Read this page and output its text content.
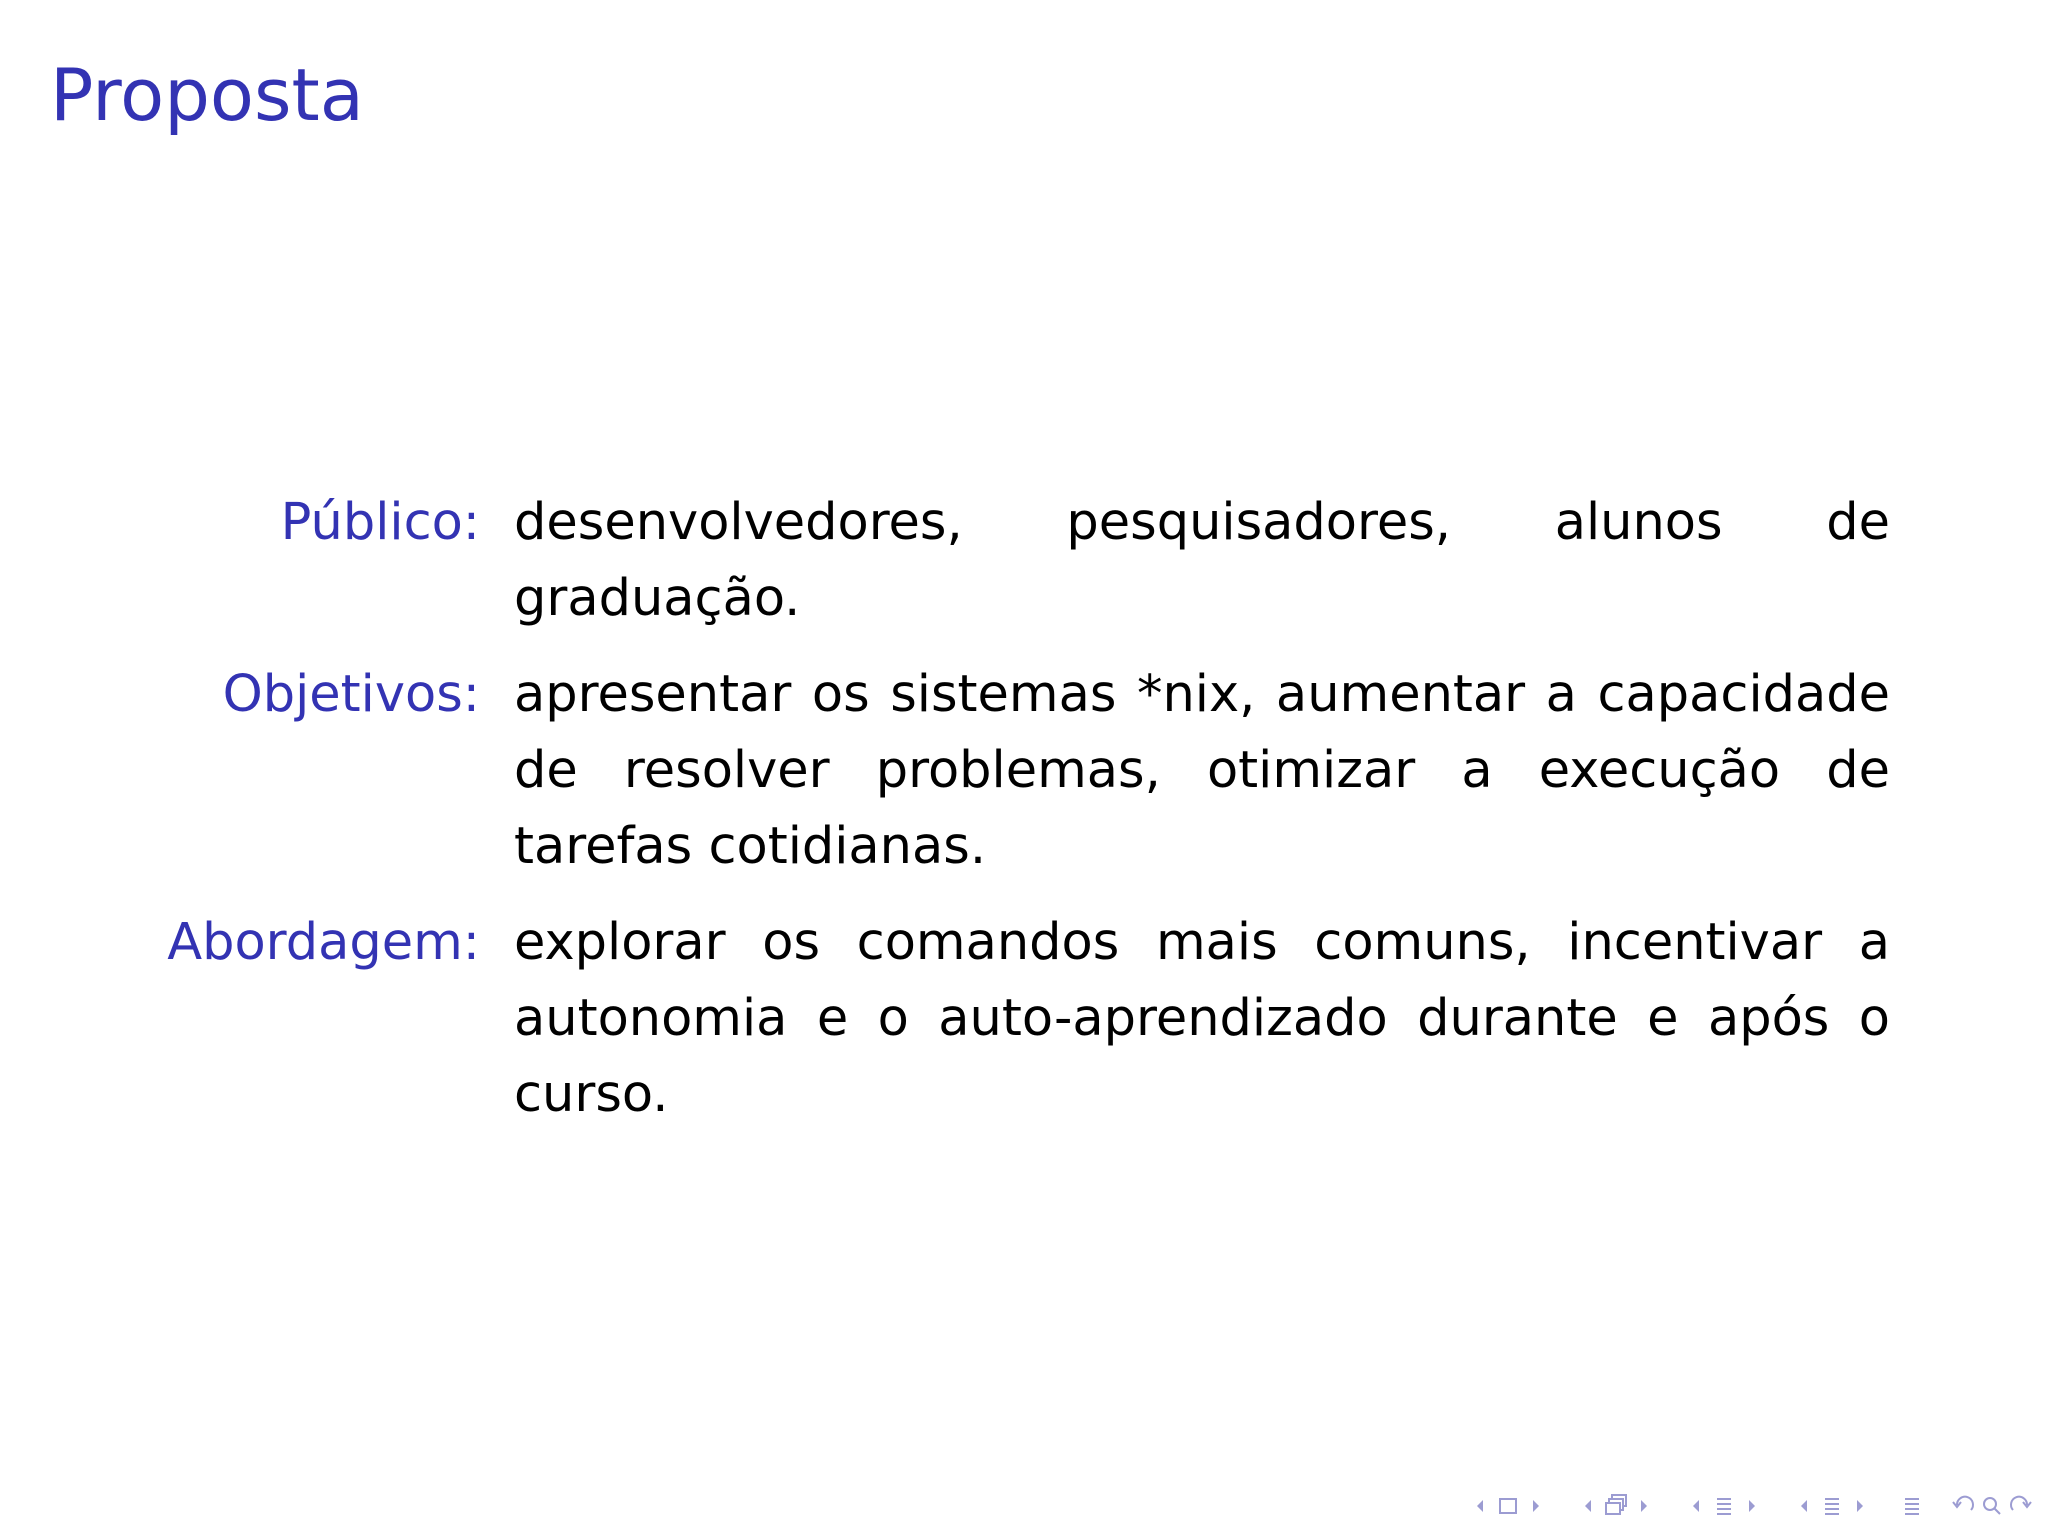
Proposta
Público: desenvolvedores, pesquisadores, alunos de graduação.
Objetivos: apresentar os sistemas *nix, aumentar a capacidade de resolver problemas, otimizar a execução de tarefas cotidianas.
Abordagem: explorar os comandos mais comuns, incentivar a autonomia e o auto-aprendizado durante e após o curso.
